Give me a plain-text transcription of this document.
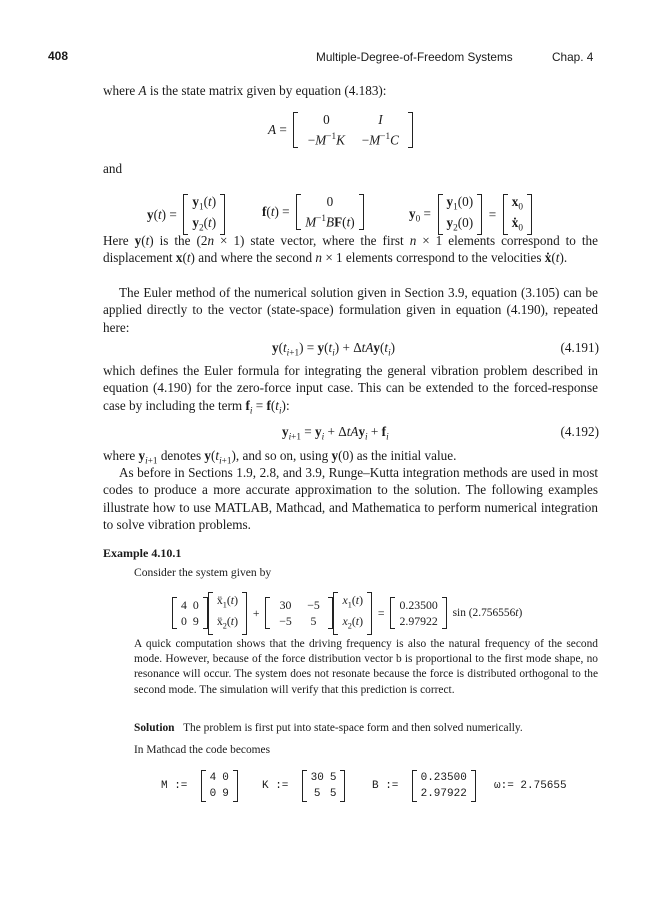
408	Multiple-Degree-of-Freedom Systems	Chap. 4
where A is the state matrix given by equation (4.183):
A =
0	I
$-M^{-1}K$	$-M^{-1}C$
and
y(t) =
$y_1(t)$
$y_2(t)$
f(t) =
0
$M^{-1}BF(t)$
$y_0$ =
$y_1(0)$
$y_2(0)$
=
$x_0$
ẋ$_0$
Here y(t) is the (2n × 1) state vector, where the first n × 1 elements correspond to the displacement x(t) and where the second n × 1 elements correspond to the velocities ẋ(t).
The Euler method of the numerical solution given in Section 3.9, equation (3.105) can be applied directly to the vector (state-space) formulation given in equation (4.190), repeated here:
$y(t_{i+1}) = y(t_i) + \Delta tAy(t_i)$	(4.191)
which defines the Euler formula for integrating the general vibration problem described in equation (4.190) for the zero-force input case. This can be extended to the forced-response case by including the term $f_i = f(t_i)$:
$y_{i+1} = y_i + \Delta tAy_i + f_i$	(4.192)
where $y_{i+1}$ denotes $y(t_{i+1})$, and so on, using y(0) as the initial value.
As before in Sections 1.9, 2.8, and 3.9, Runge–Kutta integration methods are used in most codes to produce a more accurate approximation to the solution. The following examples illustrate how to use MATLAB, Mathcad, and Mathematica to perform numerical integration to solve vibration problems.
Example 4.10.1
Consider the system given by
4	0
0	9
ẍ$_1$(t)
ẍ$_2$(t)
+
30	−5
−5	5
$x_1(t)$
$x_2(t)$
=
0.23500
2.97922
sin (2.756556t)
A quick computation shows that the driving frequency is also the natural frequency of the second mode. However, because of the force distribution vector b is proportional to the first mode shape, no resonance will occur. The system does not resonate because the force is distributed orthogonal to the second mode. The simulation will verify that this prediction is correct.
Solution The problem is first put into state-space form and then solved numerically.
In Mathcad the code becomes
M :=
4	0
0	9
K :=
30	5
5	5
B :=
0.23500
2.97922
ω:= 2.75655
